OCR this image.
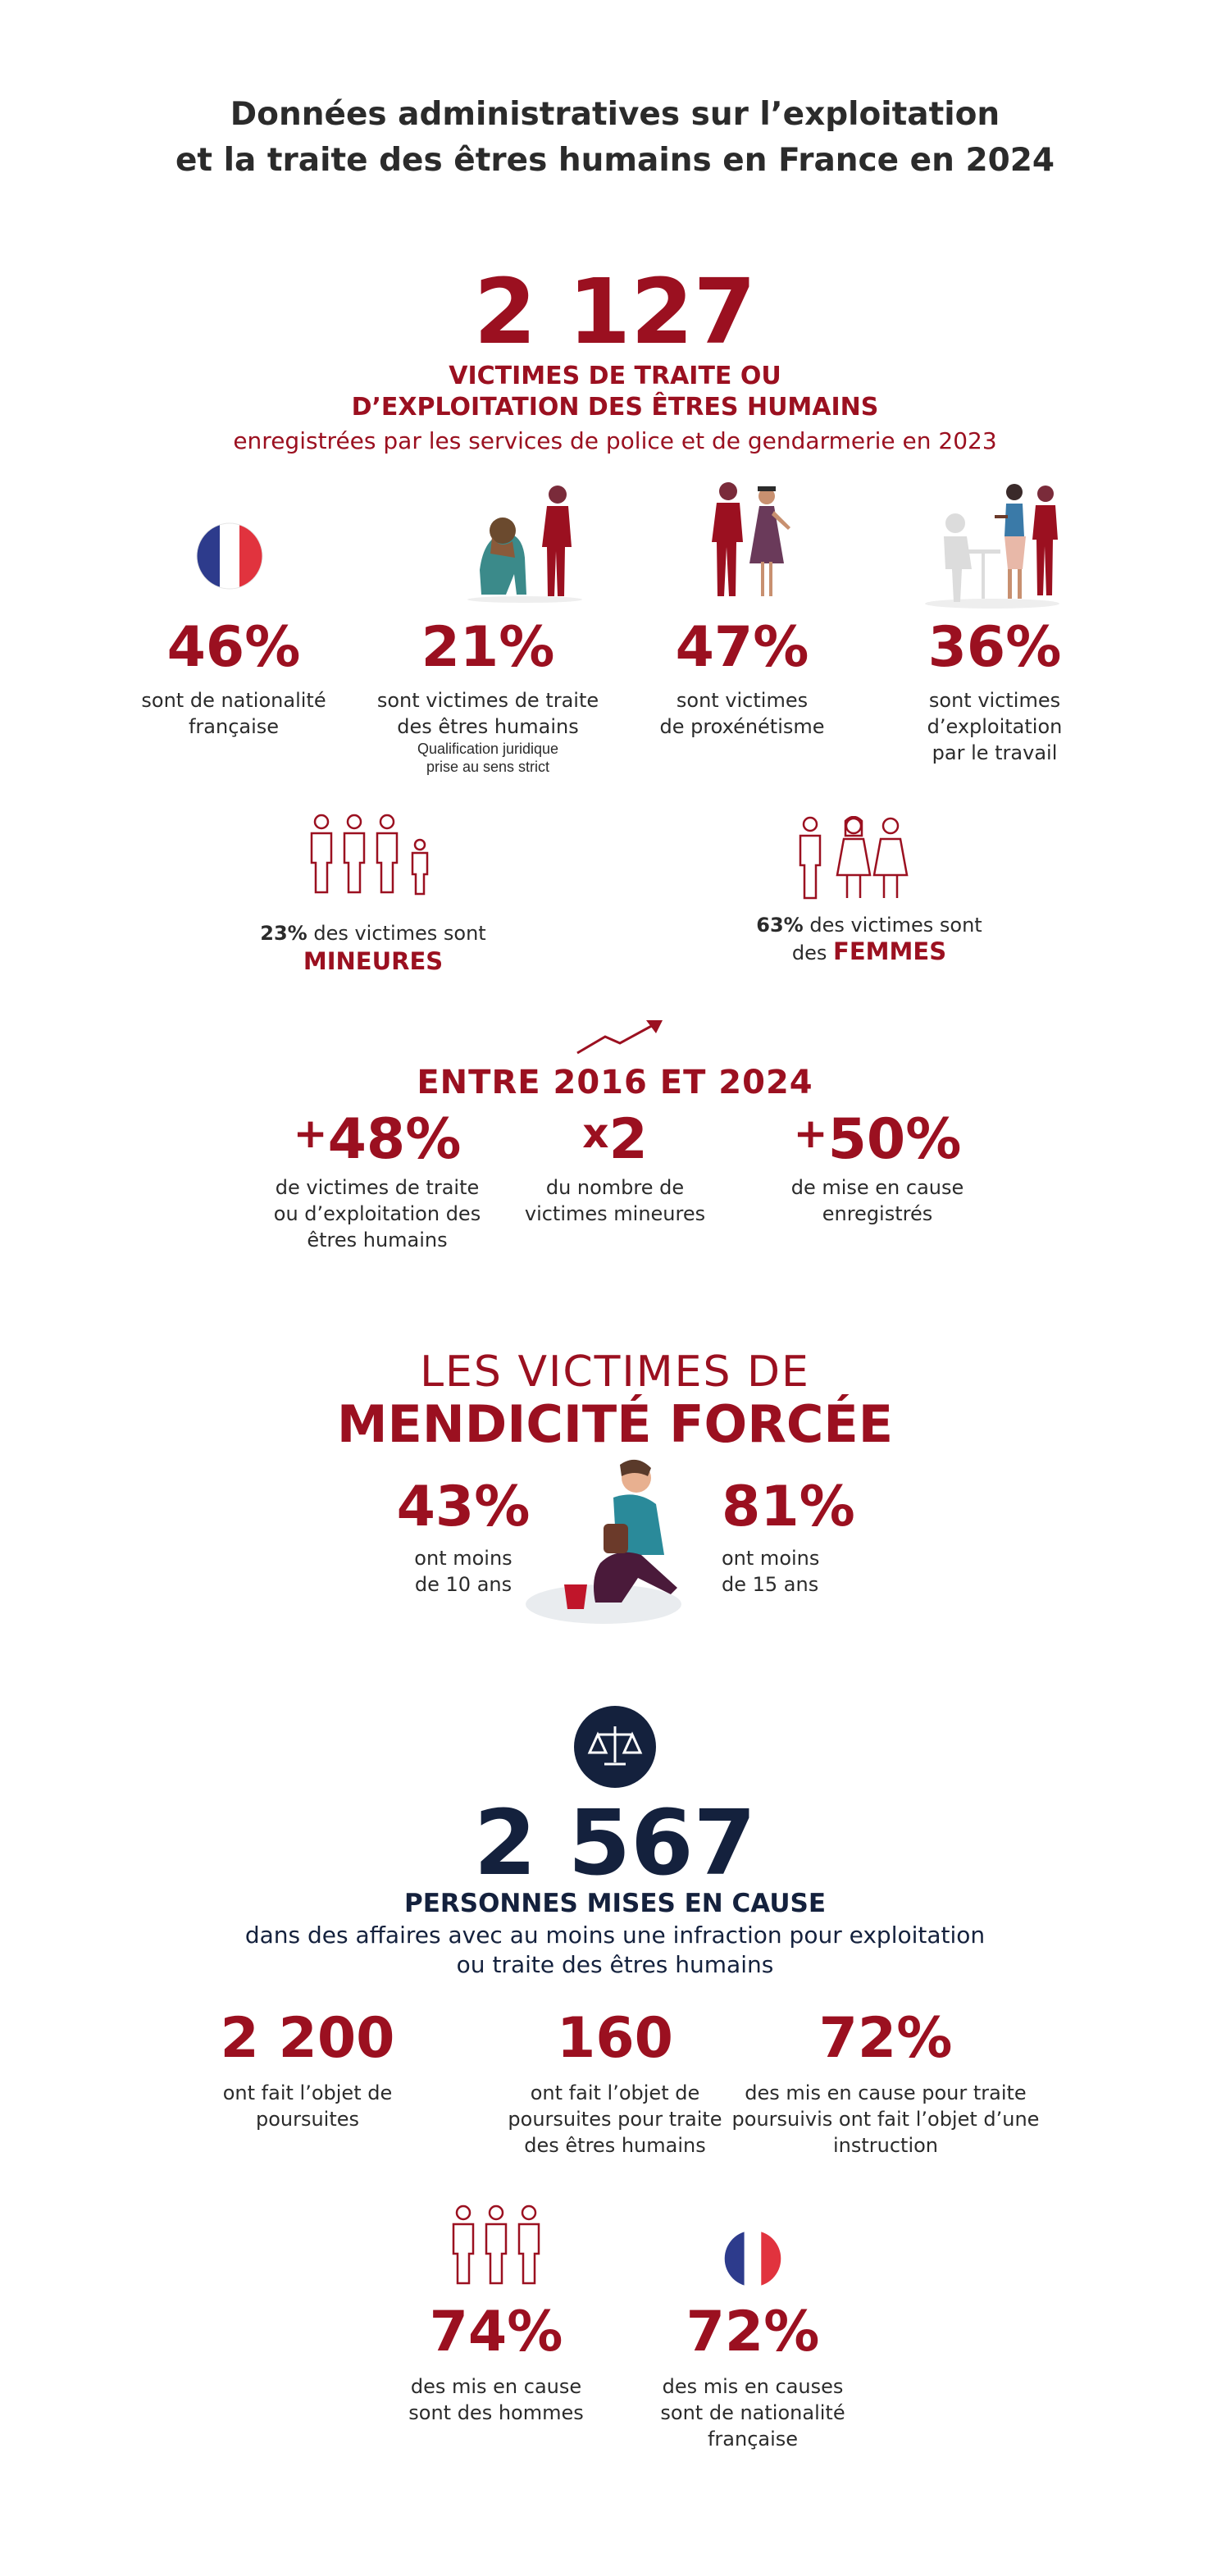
Données administratives sur l’exploitation
et la traite des êtres humains en France en 2024
2 127
VICTIMES DE TRAITE OU
D’EXPLOITATION DES ÊTRES HUMAINS
enregistrées par les services de police et de gendarmerie en 2023
46%
sont de nationalité
française
21%
sont victimes de traite
des êtres humains
Qualification juridique
prise au sens strict
47%
sont victimes
de proxénétisme
36%
sont victimes
d’exploitation
par le travail
23% des victimes sont
MINEURES
63% des victimes sont
des FEMMES
ENTRE 2016 ET 2024
+48%
de victimes de traite
ou d’exploitation des
êtres humains
$^x$2
du nombre de
victimes mineures
+50%
de mise en cause
enregistrés
LES VICTIMES DE
MENDICITÉ FORCÉE
43%
ont moins
de 10 ans
81%
ont moins
de 15 ans
2 567
PERSONNES MISES EN CAUSE
dans des affaires avec au moins une infraction pour exploitation
ou traite des êtres humains
2 200
ont fait l’objet de
poursuites
160
ont fait l’objet de
poursuites pour traite
des êtres humains
72%
des mis en cause pour traite
poursuivis ont fait l’objet d’une
instruction
74%
des mis en cause
sont des hommes
72%
des mis en causes
sont de nationalité
française
